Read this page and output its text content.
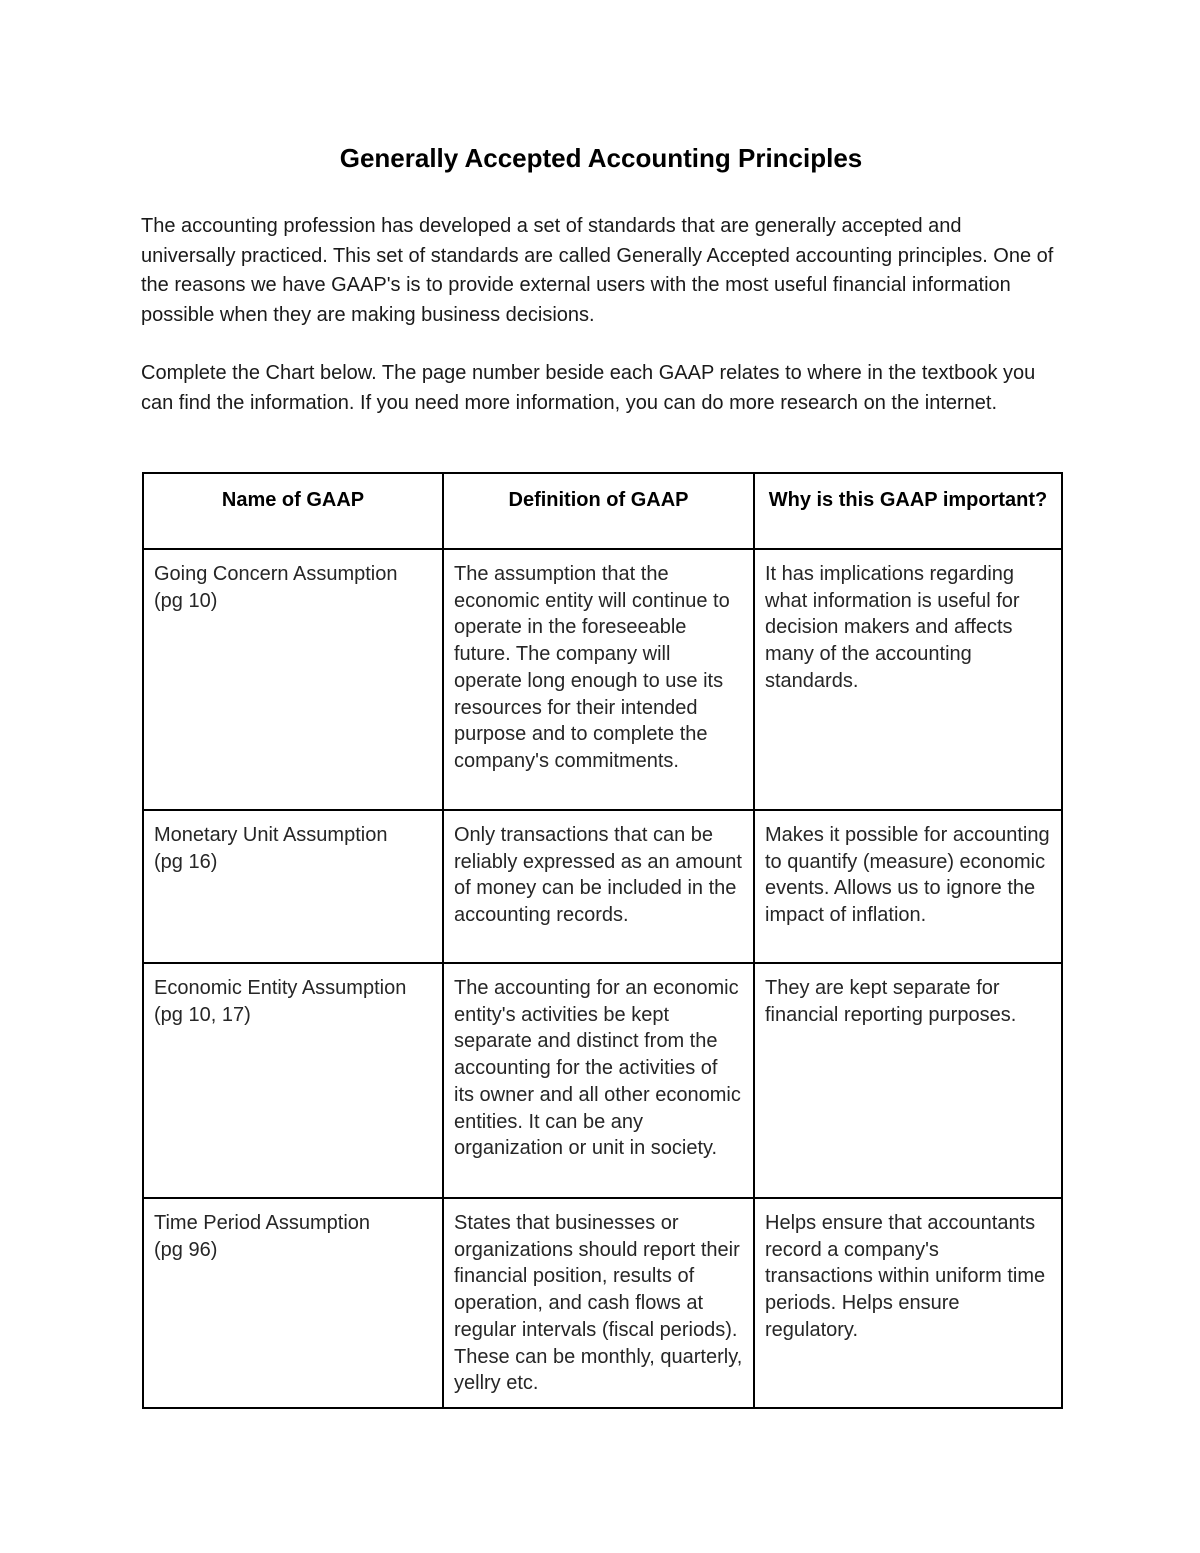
Generally Accepted Accounting Principles

The accounting profession has developed a set of standards that are generally accepted and universally practiced. This set of standards are called Generally Accepted accounting principles. One of the reasons we have GAAP's is to provide external users with the most useful financial information possible when they are making business decisions.

Complete the Chart below. The page number beside each GAAP relates to where in the textbook you can find the information. If you need more information, you can do more research on the internet.

Name of GAAP	Definition of GAAP	Why is this GAAP important?

Going Concern Assumption
(pg 10)	The assumption that the economic entity will continue to operate in the foreseeable future. The company will operate long enough to use its resources for their intended purpose and to complete the company's commitments.	It has implications regarding what information is useful for decision makers and affects many of the accounting standards.

Monetary Unit Assumption
(pg 16)	Only transactions that can be reliably expressed as an amount of money can be included in the accounting records.	Makes it possible for accounting to quantify (measure) economic events. Allows us to ignore the impact of inflation.

Economic Entity Assumption
(pg 10, 17)	The accounting for an economic entity's activities be kept separate and distinct from the accounting for the activities of its owner and all other economic entities. It can be any organization or unit in society.	They are kept separate for financial reporting purposes.

Time Period Assumption
(pg 96)	States that businesses or organizations should report their financial position, results of operation, and cash flows at regular intervals (fiscal periods). These can be monthly, quarterly, yellry etc.	Helps ensure that accountants record a company's transactions within uniform time periods. Helps ensure regulatory.
